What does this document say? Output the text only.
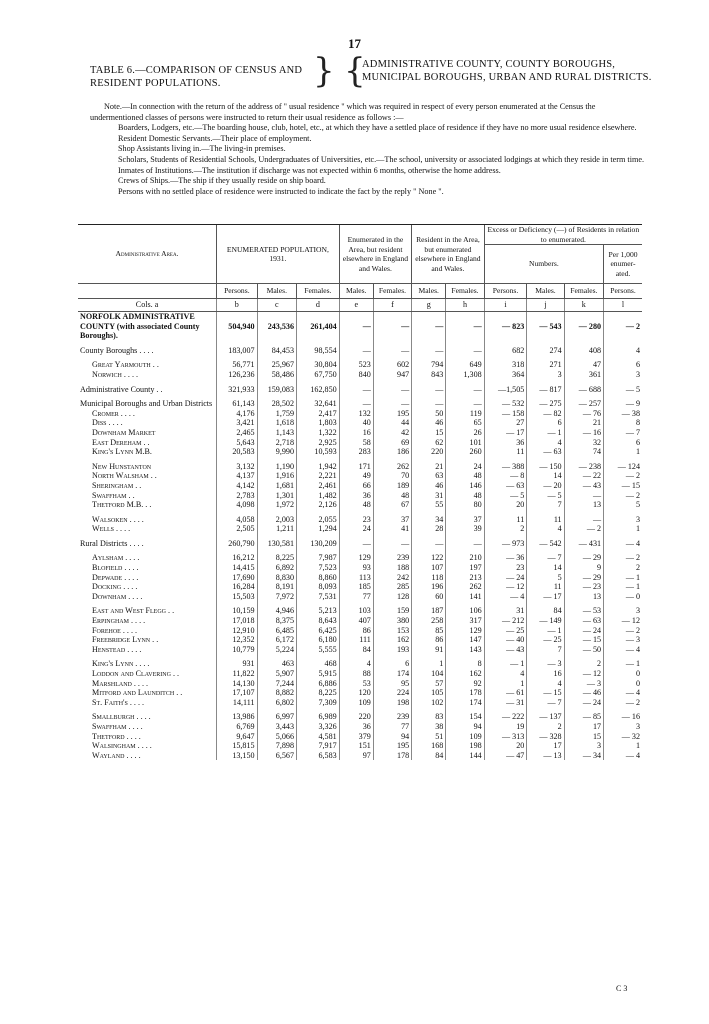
17
TABLE 6.—COMPARISON OF CENSUS AND RESIDENT POPULATIONS.	} {
ADMINISTRATIVE COUNTY, COUNTY BOROUGHS, MUNICIPAL BOROUGHS, URBAN AND RURAL DISTRICTS.

Note.—In connection with the return of the address of " usual residence " which was required in respect of every person enumerated at the Census the undermentioned classes of persons were instructed to return their usual residence as follows :—

Boarders, Lodgers, etc.—The boarding house, club, hotel, etc., at which they have a settled place of residence if they have no more usual residence elsewhere.

Resident Domestic Servants.—Their place of employment.

Shop Assistants living in.—The living-in premises.

Scholars, Students of Residential Schools, Undergraduates of Universities, etc.—The school, university or associated lodgings at which they reside in term time.

Inmates of Institutions.—The institution if discharge was not expected within 6 months, otherwise the home address.

Crews of Ships.—The ship if they usually reside on ship board.

Persons with no settled place of residence were instructed to indicate the fact by the reply " None ".

Administrative Area.	ENUMERATED POPULATION, 1931.			Enumerated in the Area, but resident elsewhere in England and Wales.		Resident in the Area, but enumerated elsewhere in England and Wales.		Excess or Deficiency (—) of Residents in relation to enumerated.			
								Numbers.			Per 1,000 enumer-ated.
	Persons.	Males.	Females.	Males.	Females.	Males.	Females.	Persons.	Males.	Females.	Persons.
Cols. a	b	c	d	e	f	g	h	i	j	k	l
NORFOLK ADMINISTRATIVE COUNTY (with associated County Boroughs).	504,940	243,536	261,404	—	—	—	—	— 823	— 543	— 280	— 2

County Boroughs . . . .	183,007	84,453	98,554	—	—	—	—	682	274	408	4

Great Yarmouth . .	56,771	25,967	30,804	523	602	794	649	318	271	47	6
Norwich . . . .	126,236	58,486	67,750	840	947	843	1,308	364	3	361	3

Administrative County . .	321,933	159,083	162,850	—	—	—	—	—1,505	— 817	— 688	— 5

Municipal Boroughs and Urban Districts	61,143	28,502	32,641	—	—	—	—	— 532	— 275	— 257	— 9
Cromer . . . .	4,176	1,759	2,417	132	195	50	119	— 158	— 82	— 76	— 38
Diss . . . .	3,421	1,618	1,803	40	44	46	65	27	6	21	8
Downham Market	2,465	1,143	1,322	16	42	15	26	— 17	— 1	— 16	— 7
East Dereham . .	5,643	2,718	2,925	58	69	62	101	36	4	32	6
King's Lynn M.B.	20,583	9,990	10,593	283	186	220	260	11	— 63	74	1

New Hunstanton	3,132	1,190	1,942	171	262	21	24	— 388	— 150	— 238	— 124
North Walsham . .	4,137	1,916	2,221	49	70	63	48	— 8	14	— 22	— 2
Sheringham . .	4,142	1,681	2,461	66	189	46	146	— 63	— 20	— 43	— 15
Swaffham . .	2,783	1,301	1,482	36	48	31	48	— 5	— 5	—	— 2
Thetford M.B. . .	4,098	1,972	2,126	48	67	55	80	20	7	13	5

Walsoken . . . .	4,058	2,003	2,055	23	37	34	37	11	11	—	3
Wells . . . .	2,505	1,211	1,294	24	41	28	39	2	4	— 2	1

Rural Districts . . . .	260,790	130,581	130,209	—	—	—	—	— 973	— 542	— 431	— 4

Aylsham . . . .	16,212	8,225	7,987	129	239	122	210	— 36	— 7	— 29	— 2
Blofield . . . .	14,415	6,892	7,523	93	188	107	197	23	14	9	2
Depwade . . . .	17,690	8,830	8,860	113	242	118	213	— 24	5	— 29	— 1
Docking . . . .	16,284	8,191	8,093	185	285	196	262	— 12	11	— 23	— 1
Downham . . . .	15,503	7,972	7,531	77	128	60	141	— 4	— 17	13	— 0

East and West Flegg . .	10,159	4,946	5,213	103	159	187	106	31	84	— 53	3
Erpingham . . . .	17,018	8,375	8,643	407	380	258	317	— 212	— 149	— 63	— 12
Forehoe . . . .	12,910	6,485	6,425	86	153	85	129	— 25	— 1	— 24	— 2
Freebridge Lynn . .	12,352	6,172	6,180	111	162	86	147	— 40	— 25	— 15	— 3
Henstead . . . .	10,779	5,224	5,555	84	193	91	143	— 43	7	— 50	— 4

King's Lynn . . . .	931	463	468	4	6	1	8	— 1	— 3	2	— 1
Loddon and Clavering . .	11,822	5,907	5,915	88	174	104	162	4	16	— 12	0
Marshland . . . .	14,130	7,244	6,886	53	95	57	92	1	4	— 3	0
Mitford and Launditch . .	17,107	8,882	8,225	120	224	105	178	— 61	— 15	— 46	— 4
St. Faith's . . . .	14,111	6,802	7,309	109	198	102	174	— 31	— 7	— 24	— 2

Smallburgh . . . .	13,986	6,997	6,989	220	239	83	154	— 222	— 137	— 85	— 16
Swaffham . . . .	6,769	3,443	3,326	36	77	38	94	19	2	17	3
Thetford . . . .	9,647	5,066	4,581	379	94	51	109	— 313	— 328	15	— 32
Walsingham . . . .	15,815	7,898	7,917	151	195	168	198	20	17	3	1
Wayland . . . .	13,150	6,567	6,583	97	178	84	144	— 47	— 13	— 34	— 4
C 3
